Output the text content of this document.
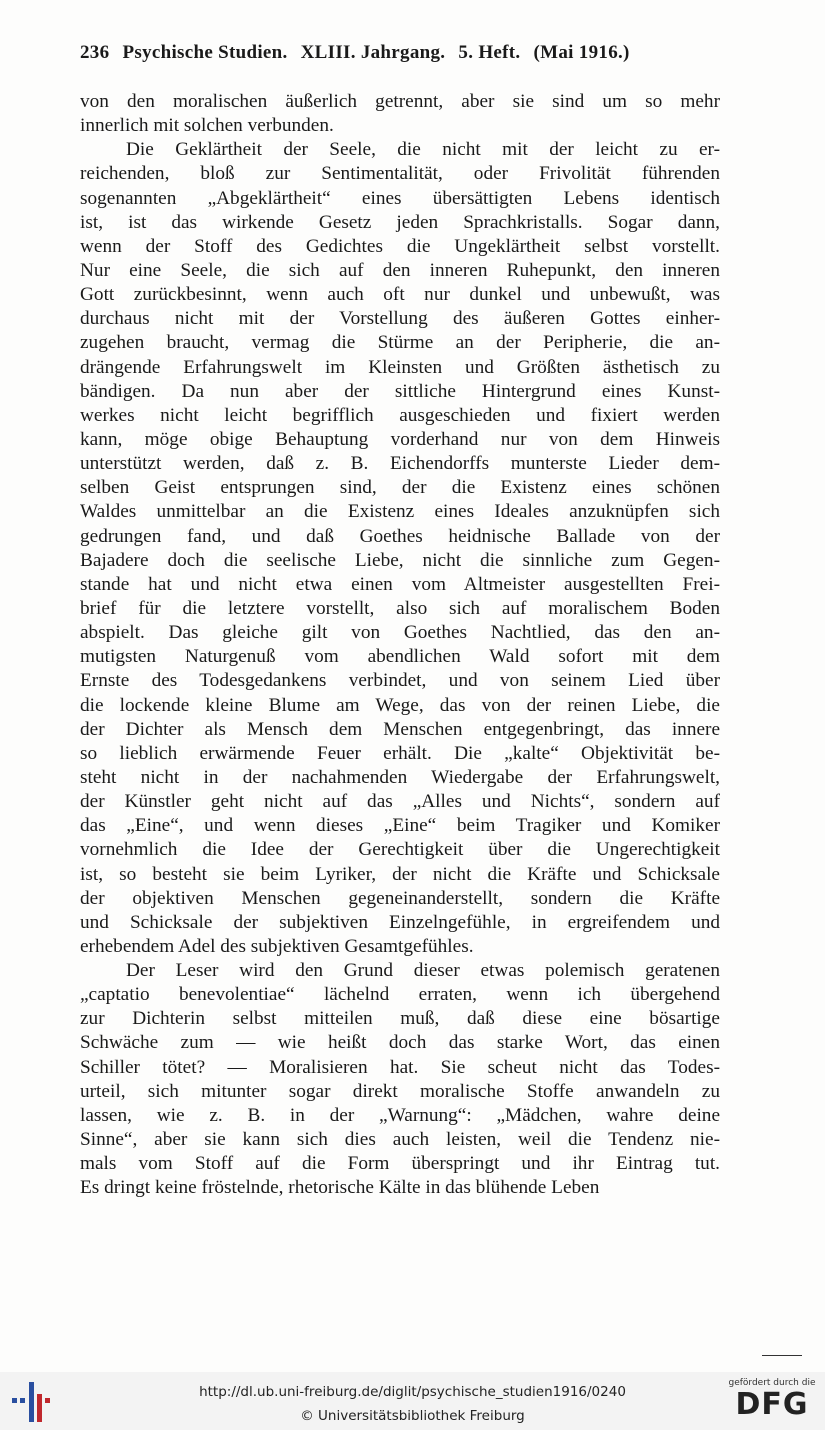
236 Psychische Studien. XLIII. Jahrgang. 5. Heft. (Mai 1916.)
von den moralischen äußerlich getrennt, aber sie sind um so mehr
innerlich mit solchen verbunden.
Die Geklärtheit der Seele, die nicht mit der leicht zu er-
reichenden, bloß zur Sentimentalität, oder Frivolität führenden
sogenannten „Abgeklärtheit“ eines übersättigten Lebens identisch
ist, ist das wirkende Gesetz jeden Sprachkristalls. Sogar dann,
wenn der Stoff des Gedichtes die Ungeklärtheit selbst vorstellt.
Nur eine Seele, die sich auf den inneren Ruhepunkt, den inneren
Gott zurückbesinnt, wenn auch oft nur dunkel und unbewußt, was
durchaus nicht mit der Vorstellung des äußeren Gottes einher-
zugehen braucht, vermag die Stürme an der Peripherie, die an-
drängende Erfahrungswelt im Kleinsten und Größten ästhetisch zu
bändigen. Da nun aber der sittliche Hintergrund eines Kunst-
werkes nicht leicht begrifflich ausgeschieden und fixiert werden
kann, möge obige Behauptung vorderhand nur von dem Hinweis
unterstützt werden, daß z. B. Eichendorffs munterste Lieder dem-
selben Geist entsprungen sind, der die Existenz eines schönen
Waldes unmittelbar an die Existenz eines Ideales anzuknüpfen sich
gedrungen fand, und daß Goethes heidnische Ballade von der
Bajadere doch die seelische Liebe, nicht die sinnliche zum Gegen-
stande hat und nicht etwa einen vom Altmeister ausgestellten Frei-
brief für die letztere vorstellt, also sich auf moralischem Boden
abspielt. Das gleiche gilt von Goethes Nachtlied, das den an-
mutigsten Naturgenuß vom abendlichen Wald sofort mit dem
Ernste des Todesgedankens verbindet, und von seinem Lied über
die lockende kleine Blume am Wege, das von der reinen Liebe, die
der Dichter als Mensch dem Menschen entgegenbringt, das innere
so lieblich erwärmende Feuer erhält. Die „kalte“ Objektivität be-
steht nicht in der nachahmenden Wiedergabe der Erfahrungswelt,
der Künstler geht nicht auf das „Alles und Nichts“, sondern auf
das „Eine“, und wenn dieses „Eine“ beim Tragiker und Komiker
vornehmlich die Idee der Gerechtigkeit über die Ungerechtigkeit
ist, so besteht sie beim Lyriker, der nicht die Kräfte und Schicksale
der objektiven Menschen gegeneinanderstellt, sondern die Kräfte
und Schicksale der subjektiven Einzelngefühle, in ergreifendem und
erhebendem Adel des subjektiven Gesamtgefühles.
Der Leser wird den Grund dieser etwas polemisch geratenen
„captatio benevolentiae“ lächelnd erraten, wenn ich übergehend
zur Dichterin selbst mitteilen muß, daß diese eine bösartige
Schwäche zum — wie heißt doch das starke Wort, das einen
Schiller tötet? — Moralisieren hat. Sie scheut nicht das Todes-
urteil, sich mitunter sogar direkt moralische Stoffe anwandeln zu
lassen, wie z. B. in der „Warnung“: „Mädchen, wahre deine
Sinne“, aber sie kann sich dies auch leisten, weil die Tendenz nie-
mals vom Stoff auf die Form überspringt und ihr Eintrag tut.
Es dringt keine fröstelnde, rhetorische Kälte in das blühende Leben
http://dl.ub.uni-freiburg.de/diglit/psychische_studien1916/0240
© Universitätsbibliothek Freiburg
gefördert durch die
DFG
